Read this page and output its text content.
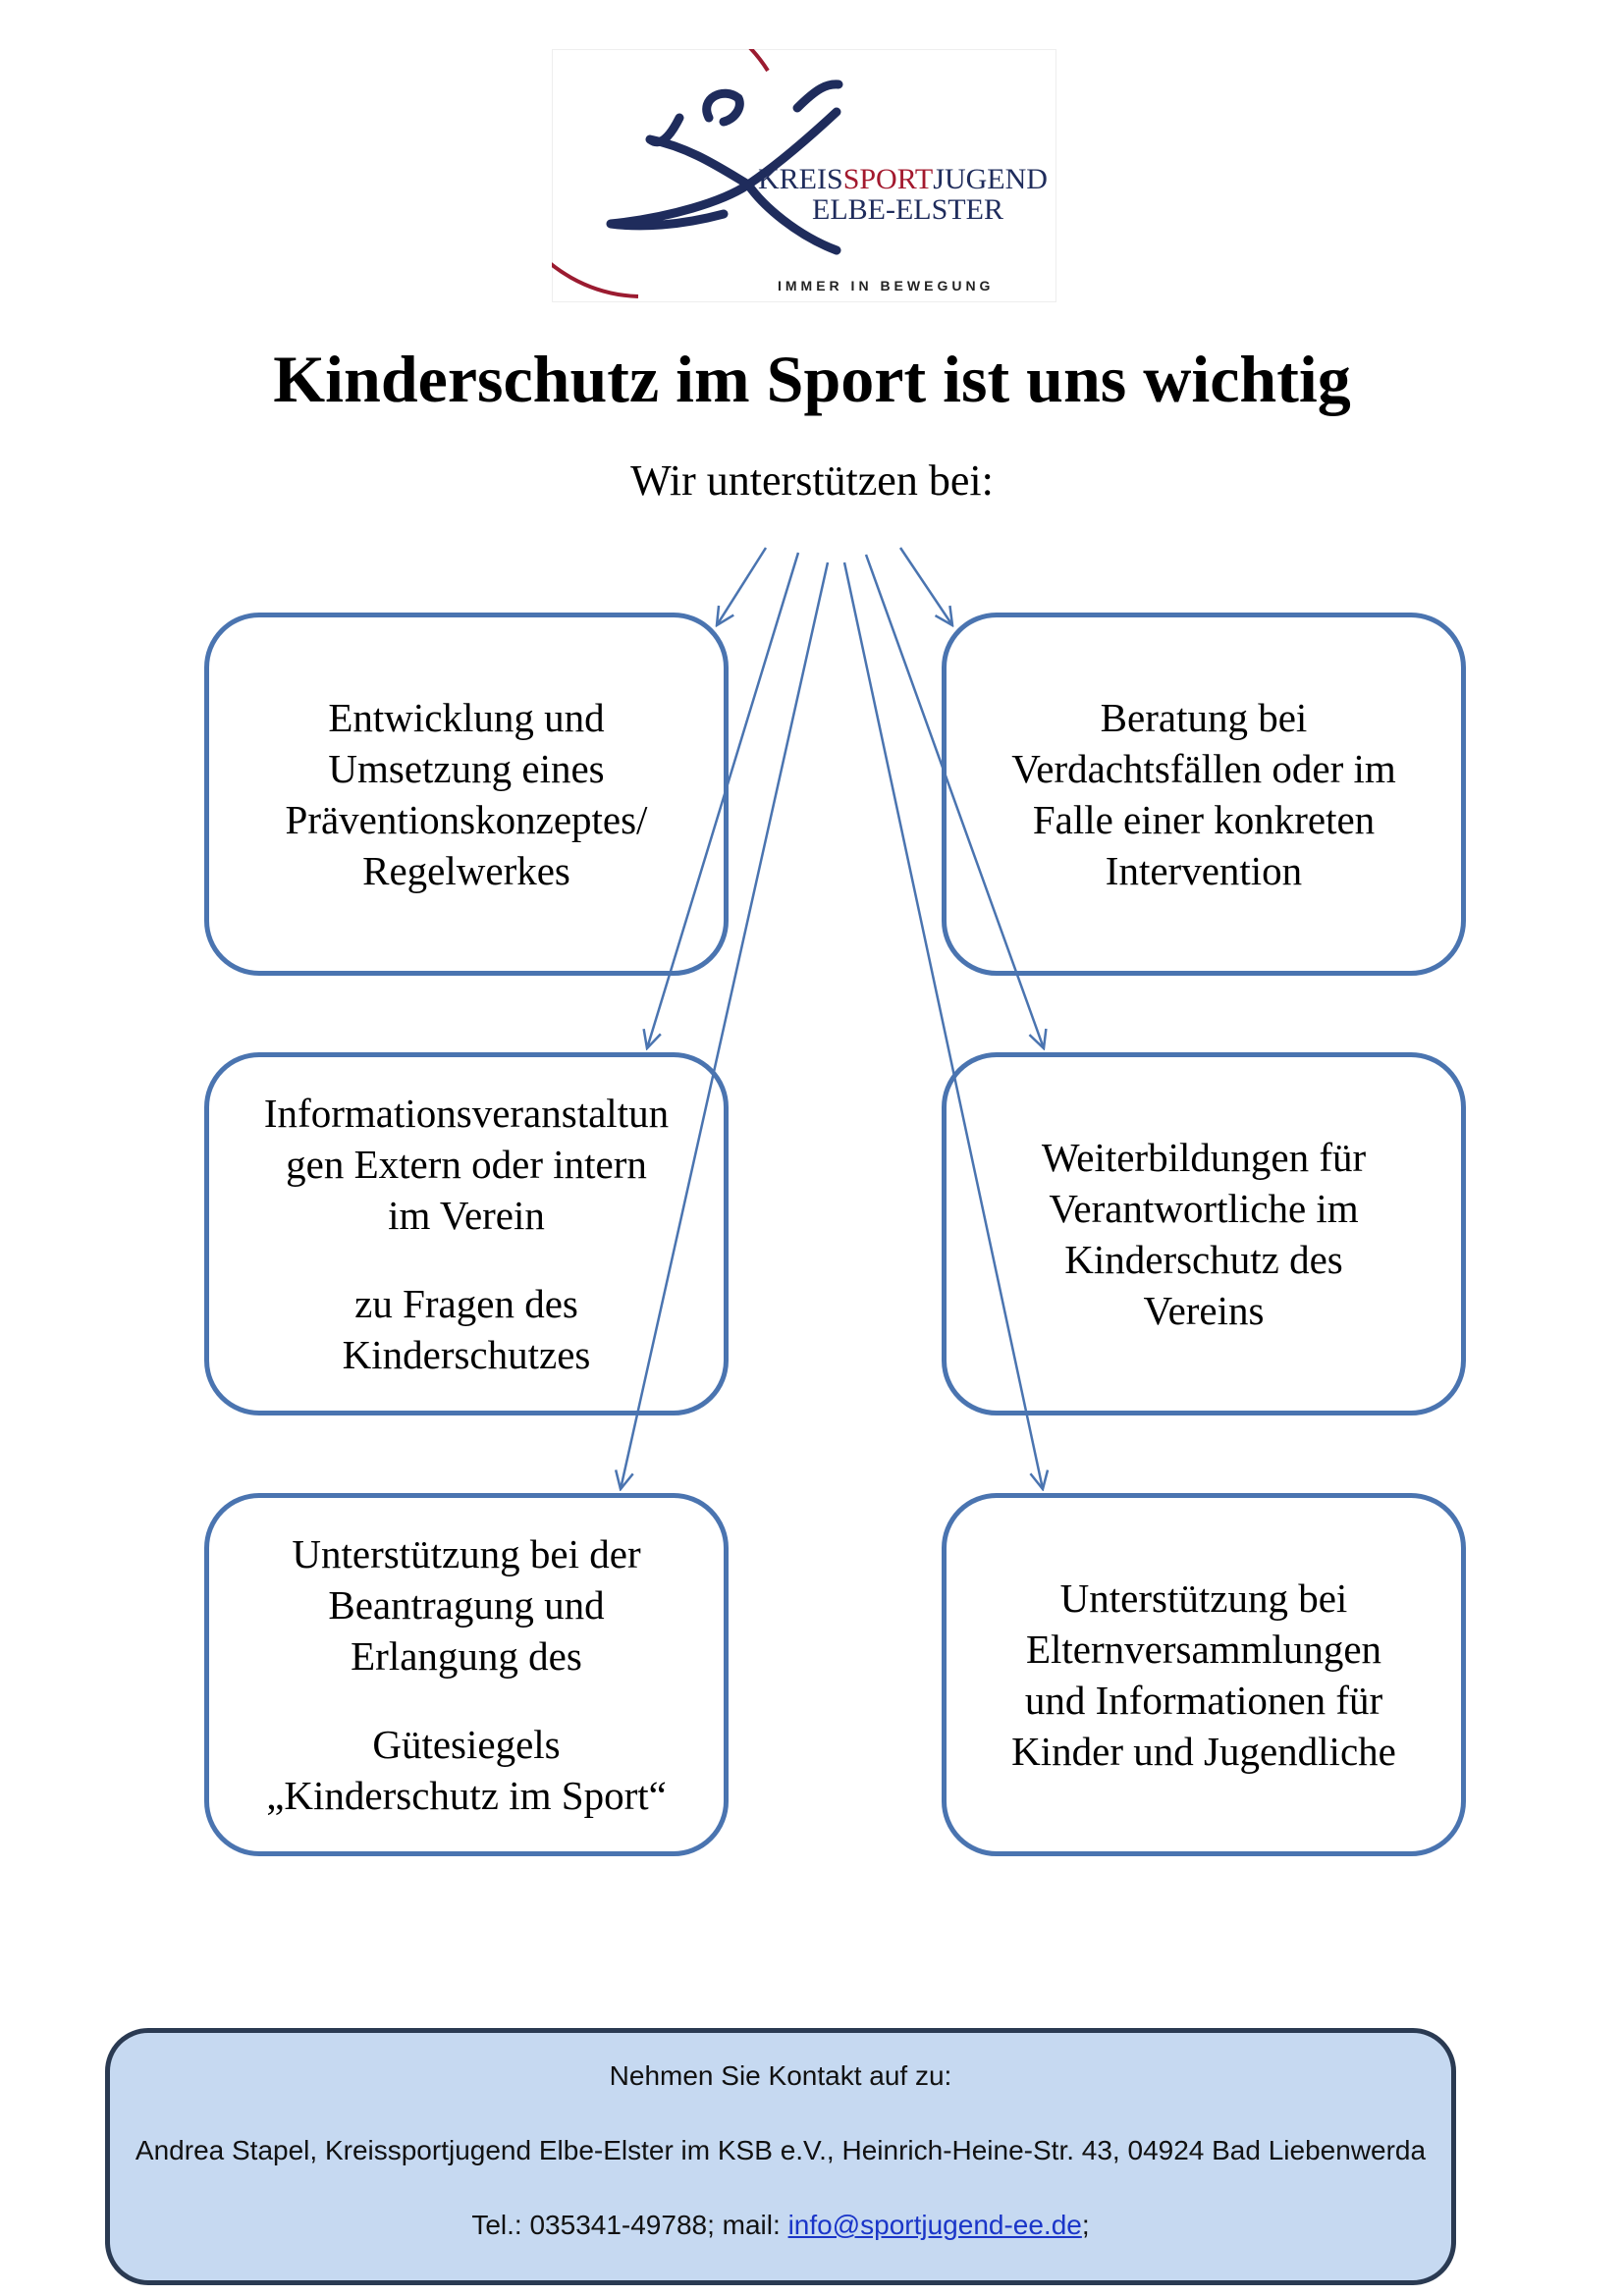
KREISSPORTJUGEND
ELBE-ELSTER
IMMER IN BEWEGUNG
Kinderschutz im Sport ist uns wichtig
Wir unterstützen bei:
Entwicklung und
Umsetzung eines
Präventionskonzeptes/
Regelwerkes
Beratung bei
Verdachtsfällen oder im
Falle einer konkreten
Intervention
Informationsveranstaltun
gen Extern oder intern
im Verein
zu Fragen des
Kinderschutzes
Weiterbildungen für
Verantwortliche im
Kinderschutz des
Vereins
Unterstützung bei der
Beantragung und
Erlangung des
Gütesiegels
„Kinderschutz im Sport“
Unterstützung bei
Elternversammlungen
und Informationen für
Kinder und Jugendliche
Nehmen Sie Kontakt auf zu:
Andrea Stapel, Kreissportjugend Elbe-Elster im KSB e.V., Heinrich-Heine-Str. 43, 04924 Bad Liebenwerda
Tel.: 035341-49788; mail: info@sportjugend-ee.de;
